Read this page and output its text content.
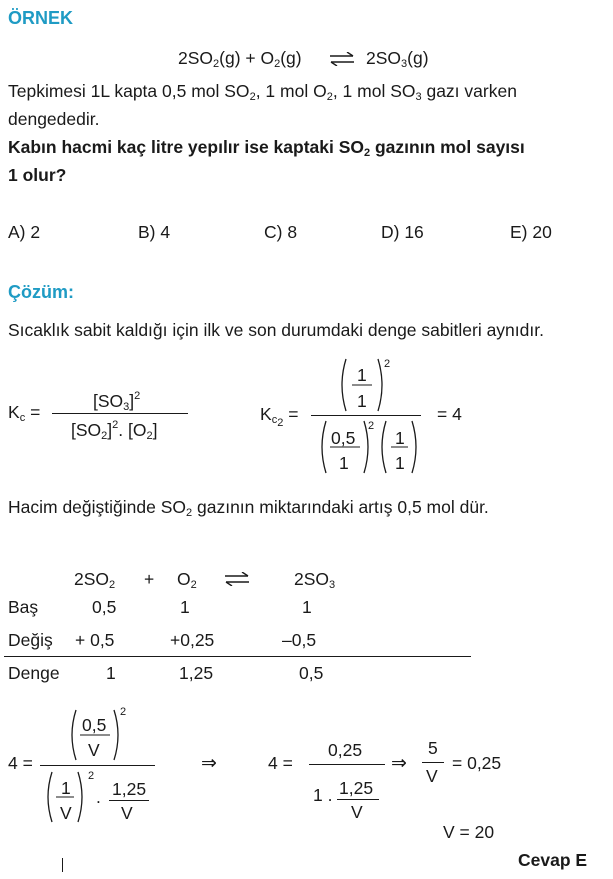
ÖRNEK
$2SO_2(g) + O_2(g)$ ⇌ $2SO_3(g)$
Tepkimesi 1L kapta 0,5 mol $SO_2$, 1 mol $O_2$, 1 mol $SO_3$ gazı varken
dengededir.
Kabın hacmi kaç litre yepılır ise kaptaki $SO_2$ gazının mol sayısı
1 olur?
A) 2	B) 4	C) 8	D) 16	E) 20
Çözüm:
Sıcaklık sabit kaldığı için ilk ve son durumdaki denge sabitleri aynıdır.
$K_c$ =
$[SO_3]^2$
$[SO_2]^2$. $[O_2]$
$K_{c_2}$ =
1
1
2
0,5
1
2
1
1
= 4
Hacim değiştiğinde $SO_2$ gazının miktarındaki artış 0,5 mol dür.
$2SO_2 + O_2$	$2SO_3$
Baş	0,5	1	1
Değiş + 0,5	+0,25	–0,5
Denge	1	1,25	0,5
4 =
0,5
V
2
1
V
2
. 1,25
V
⇒	4 =
0,25
1 . 1,25
V
⇒
5
V
= 0,25
V = 20
Cevap E
